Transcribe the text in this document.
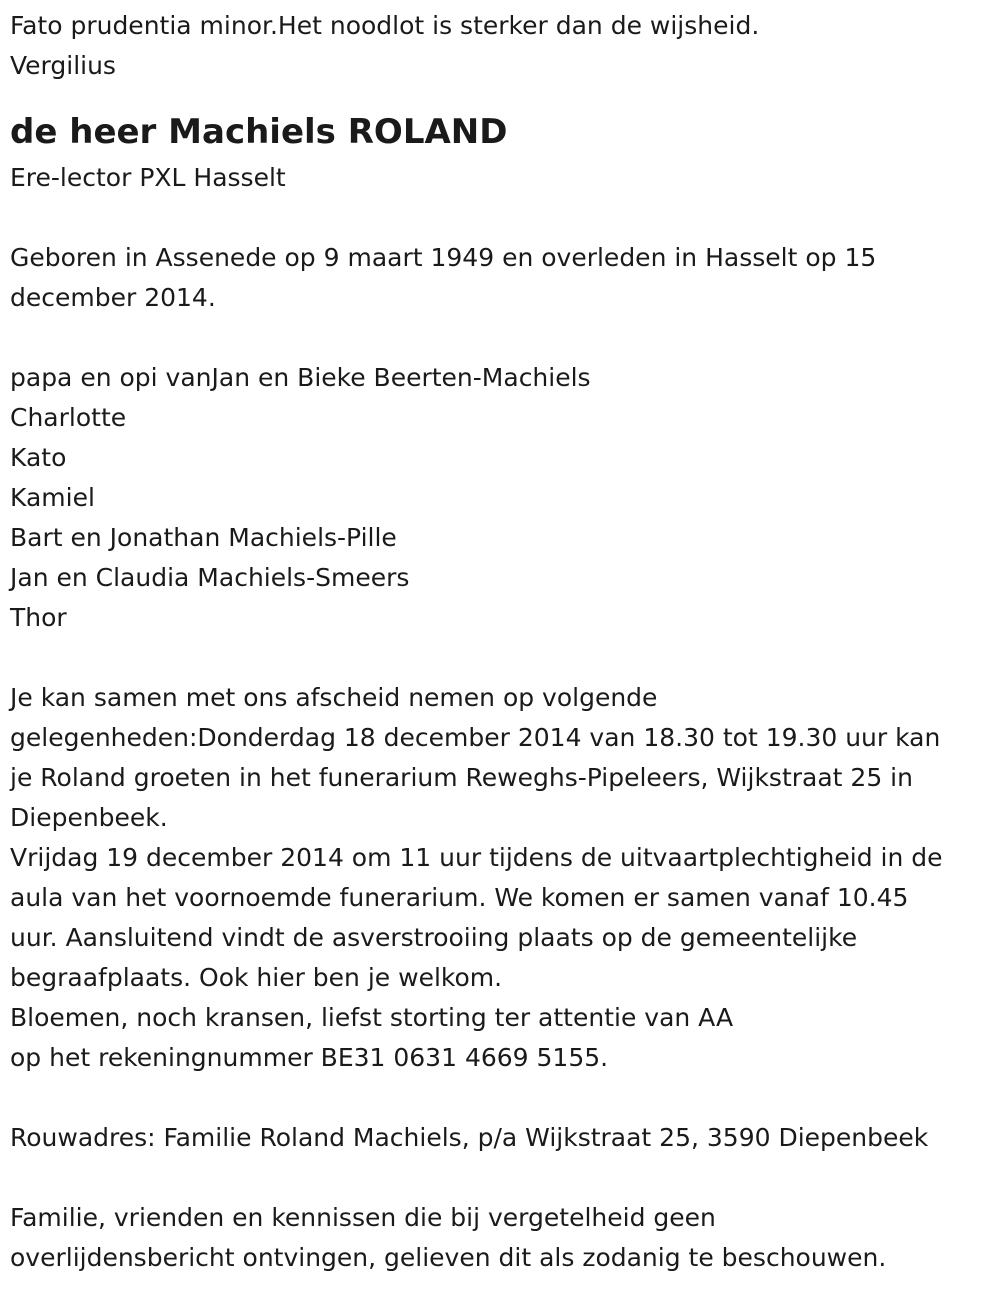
Fato prudentia minor.Het noodlot is sterker dan de wijsheid.

Vergilius

de heer Machiels ROLAND

Ere-lector PXL Hasselt

Geboren in Assenede op 9 maart 1949 en overleden in Hasselt op 15

december 2014.

papa en opi vanJan en Bieke Beerten-Machiels

Charlotte

Kato

Kamiel

Bart en Jonathan Machiels-Pille

Jan en Claudia Machiels-Smeers

Thor

Je kan samen met ons afscheid nemen op volgende

gelegenheden:Donderdag 18 december 2014 van 18.30 tot 19.30 uur kan

je Roland groeten in het funerarium Reweghs-Pipeleers, Wijkstraat 25 in

Diepenbeek.

Vrijdag 19 december 2014 om 11 uur tijdens de uitvaartplechtigheid in de

aula van het voornoemde funerarium. We komen er samen vanaf 10.45

uur. Aansluitend vindt de asverstrooiing plaats op de gemeentelijke

begraafplaats. Ook hier ben je welkom.

Bloemen, noch kransen, liefst storting ter attentie van AA

op het rekeningnummer BE31 0631 4669 5155.

Rouwadres: Familie Roland Machiels, p/a Wijkstraat 25, 3590 Diepenbeek

Familie, vrienden en kennissen die bij vergetelheid geen

overlijdensbericht ontvingen, gelieven dit als zodanig te beschouwen.
